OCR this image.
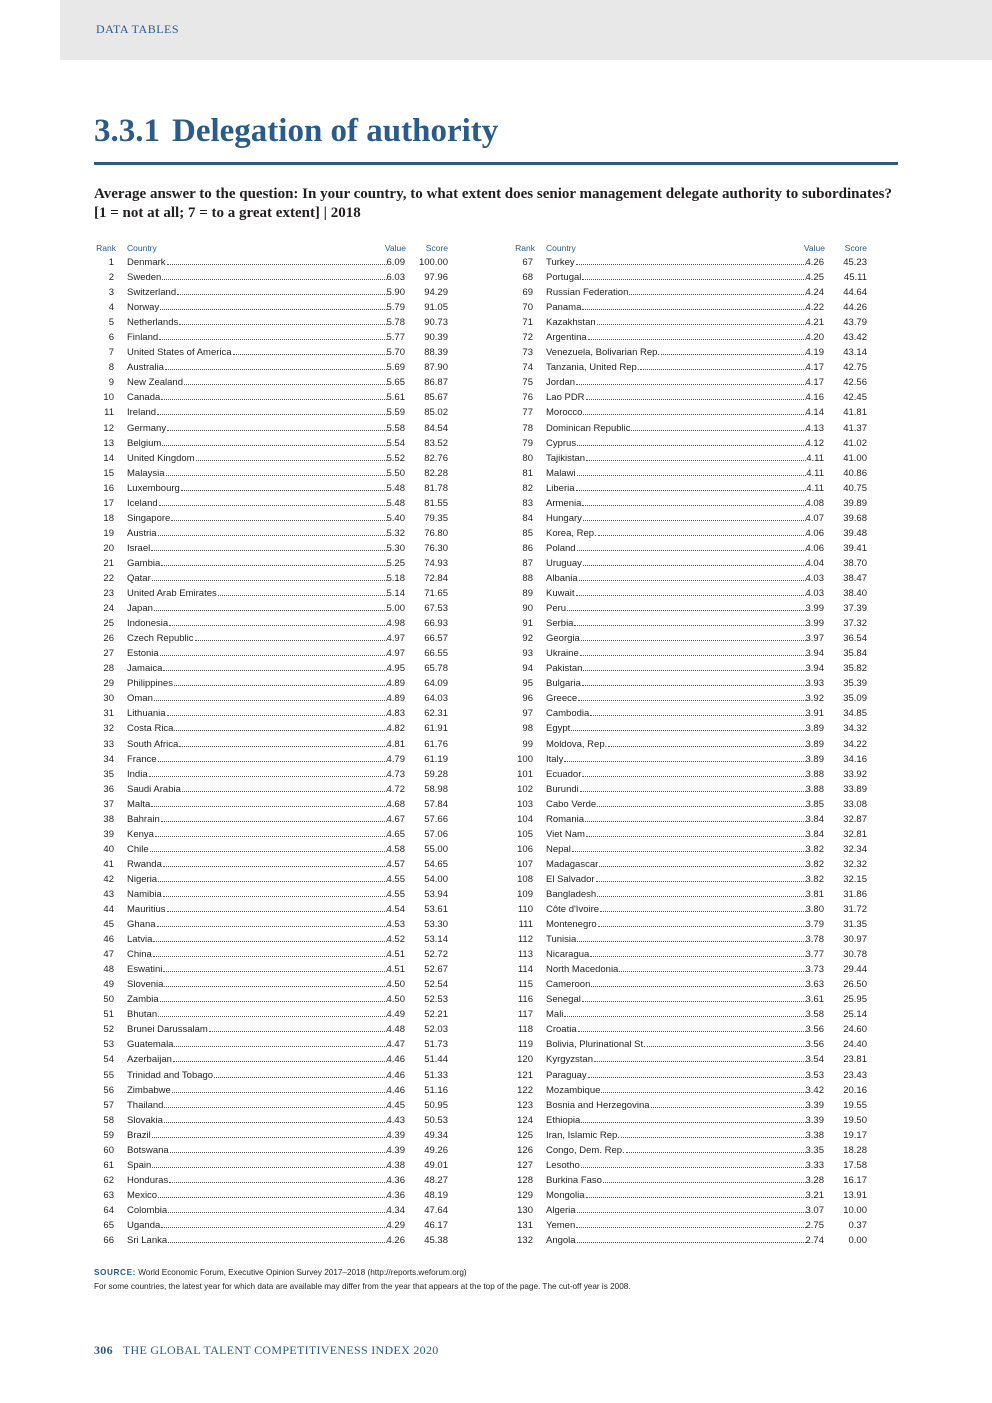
DATA TABLES
3.3.1 Delegation of authority

Average answer to the question: In your country, to what extent does senior management delegate authority to subordinates? [1 = not at all; 7 = to a great extent] | 2018

Rank Country	Value Score
1 Denmark	6.09 100.00
2 Sweden	6.03 97.96
3 Switzerland	5.90 94.29
4 Norway	5.79 91.05
5 Netherlands	5.78 90.73
6 Finland	5.77 90.39
7 United States of America	5.70 88.39
8 Australia	5.69 87.90
9 New Zealand	5.65 86.87
10 Canada	5.61 85.67
11 Ireland	5.59 85.02
12 Germany	5.58 84.54
13 Belgium	5.54 83.52
14 United Kingdom	5.52 82.76
15 Malaysia	5.50 82.28
16 Luxembourg	5.48 81.78
17 Iceland	5.48 81.55
18 Singapore	5.40 79.35
19 Austria	5.32 76.80
20 Israel	5.30 76.30
21 Gambia	5.25 74.93
22 Qatar	5.18 72.84
23 United Arab Emirates	5.14 71.65
24 Japan	5.00 67.53
25 Indonesia	4.98 66.93
26 Czech Republic	4.97 66.57
27 Estonia	4.97 66.55
28 Jamaica	4.95 65.78
29 Philippines	4.89 64.09
30 Oman	4.89 64.03
31 Lithuania	4.83 62.31
32 Costa Rica	4.82 61.91
33 South Africa	4.81 61.76
34 France	4.79 61.19
35 India	4.73 59.28
36 Saudi Arabia	4.72 58.98
37 Malta	4.68 57.84
38 Bahrain	4.67 57.66
39 Kenya	4.65 57.06
40 Chile	4.58 55.00
41 Rwanda	4.57 54.65
42 Nigeria	4.55 54.00
43 Namibia	4.55 53.94
44 Mauritius	4.54 53.61
45 Ghana	4.53 53.30
46 Latvia	4.52 53.14
47 China	4.51 52.72
48 Eswatini	4.51 52.67
49 Slovenia	4.50 52.54
50 Zambia	4.50 52.53
51 Bhutan	4.49 52.21
52 Brunei Darussalam	4.48 52.03
53 Guatemala	4.47 51.73
54 Azerbaijan	4.46 51.44
55 Trinidad and Tobago	4.46 51.33
56 Zimbabwe	4.46 51.16
57 Thailand	4.45 50.95
58 Slovakia	4.43 50.53
59 Brazil	4.39 49.34
60 Botswana	4.39 49.26
61 Spain	4.38 49.01
62 Honduras	4.36 48.27
63 Mexico	4.36 48.19
64 Colombia	4.34 47.64
65 Uganda	4.29 46.17
66 Sri Lanka	4.26 45.38
Rank Country	Value Score
67 Turkey	4.26 45.23
68 Portugal	4.25 45.11
69 Russian Federation	4.24 44.64
70 Panama	4.22 44.26
71 Kazakhstan	4.21 43.79
72 Argentina	4.20 43.42
73 Venezuela, Bolivarian Rep.	4.19 43.14
74 Tanzania, United Rep.	4.17 42.75
75 Jordan	4.17 42.56
76 Lao PDR	4.16 42.45
77 Morocco	4.14 41.81
78 Dominican Republic	4.13 41.37
79 Cyprus	4.12 41.02
80 Tajikistan	4.11 41.00
81 Malawi	4.11 40.86
82 Liberia	4.11 40.75
83 Armenia	4.08 39.89
84 Hungary	4.07 39.68
85 Korea, Rep.	4.06 39.48
86 Poland	4.06 39.41
87 Uruguay	4.04 38.70
88 Albania	4.03 38.47
89 Kuwait	4.03 38.40
90 Peru	3.99 37.39
91 Serbia	3.99 37.32
92 Georgia	3.97 36.54
93 Ukraine	3.94 35.84
94 Pakistan	3.94 35.82
95 Bulgaria	3.93 35.39
96 Greece	3.92 35.09
97 Cambodia	3.91 34.85
98 Egypt	3.89 34.32
99 Moldova, Rep.	3.89 34.22
100 Italy	3.89 34.16
101 Ecuador	3.88 33.92
102 Burundi	3.88 33.89
103 Cabo Verde	3.85 33.08
104 Romania	3.84 32.87
105 Viet Nam	3.84 32.81
106 Nepal	3.82 32.34
107 Madagascar	3.82 32.32
108 El Salvador	3.82 32.15
109 Bangladesh	3.81 31.86
110 Côte d'Ivoire	3.80 31.72
111 Montenegro	3.79 31.35
112 Tunisia	3.78 30.97
113 Nicaragua	3.77 30.78
114 North Macedonia	3.73 29.44
115 Cameroon	3.63 26.50
116 Senegal	3.61 25.95
117 Mali	3.58 25.14
118 Croatia	3.56 24.60
119 Bolivia, Plurinational St.	3.56 24.40
120 Kyrgyzstan	3.54 23.81
121 Paraguay	3.53 23.43
122 Mozambique	3.42 20.16
123 Bosnia and Herzegovina	3.39 19.55
124 Ethiopia	3.39 19.50
125 Iran, Islamic Rep.	3.38 19.17
126 Congo, Dem. Rep.	3.35 18.28
127 Lesotho	3.33 17.58
128 Burkina Faso	3.28 16.17
129 Mongolia	3.21 13.91
130 Algeria	3.07 10.00
131 Yemen	2.75	0.37
132 Angola	2.74	0.00
SOURCE: World Economic Forum, Executive Opinion Survey 2017–2018 (http://reports.weforum.org)
For some countries, the latest year for which data are available may differ from the year that appears at the top of the page. The cut-off year is 2008.
306 THE GLOBAL TALENT COMPETITIVENESS INDEX 2020
